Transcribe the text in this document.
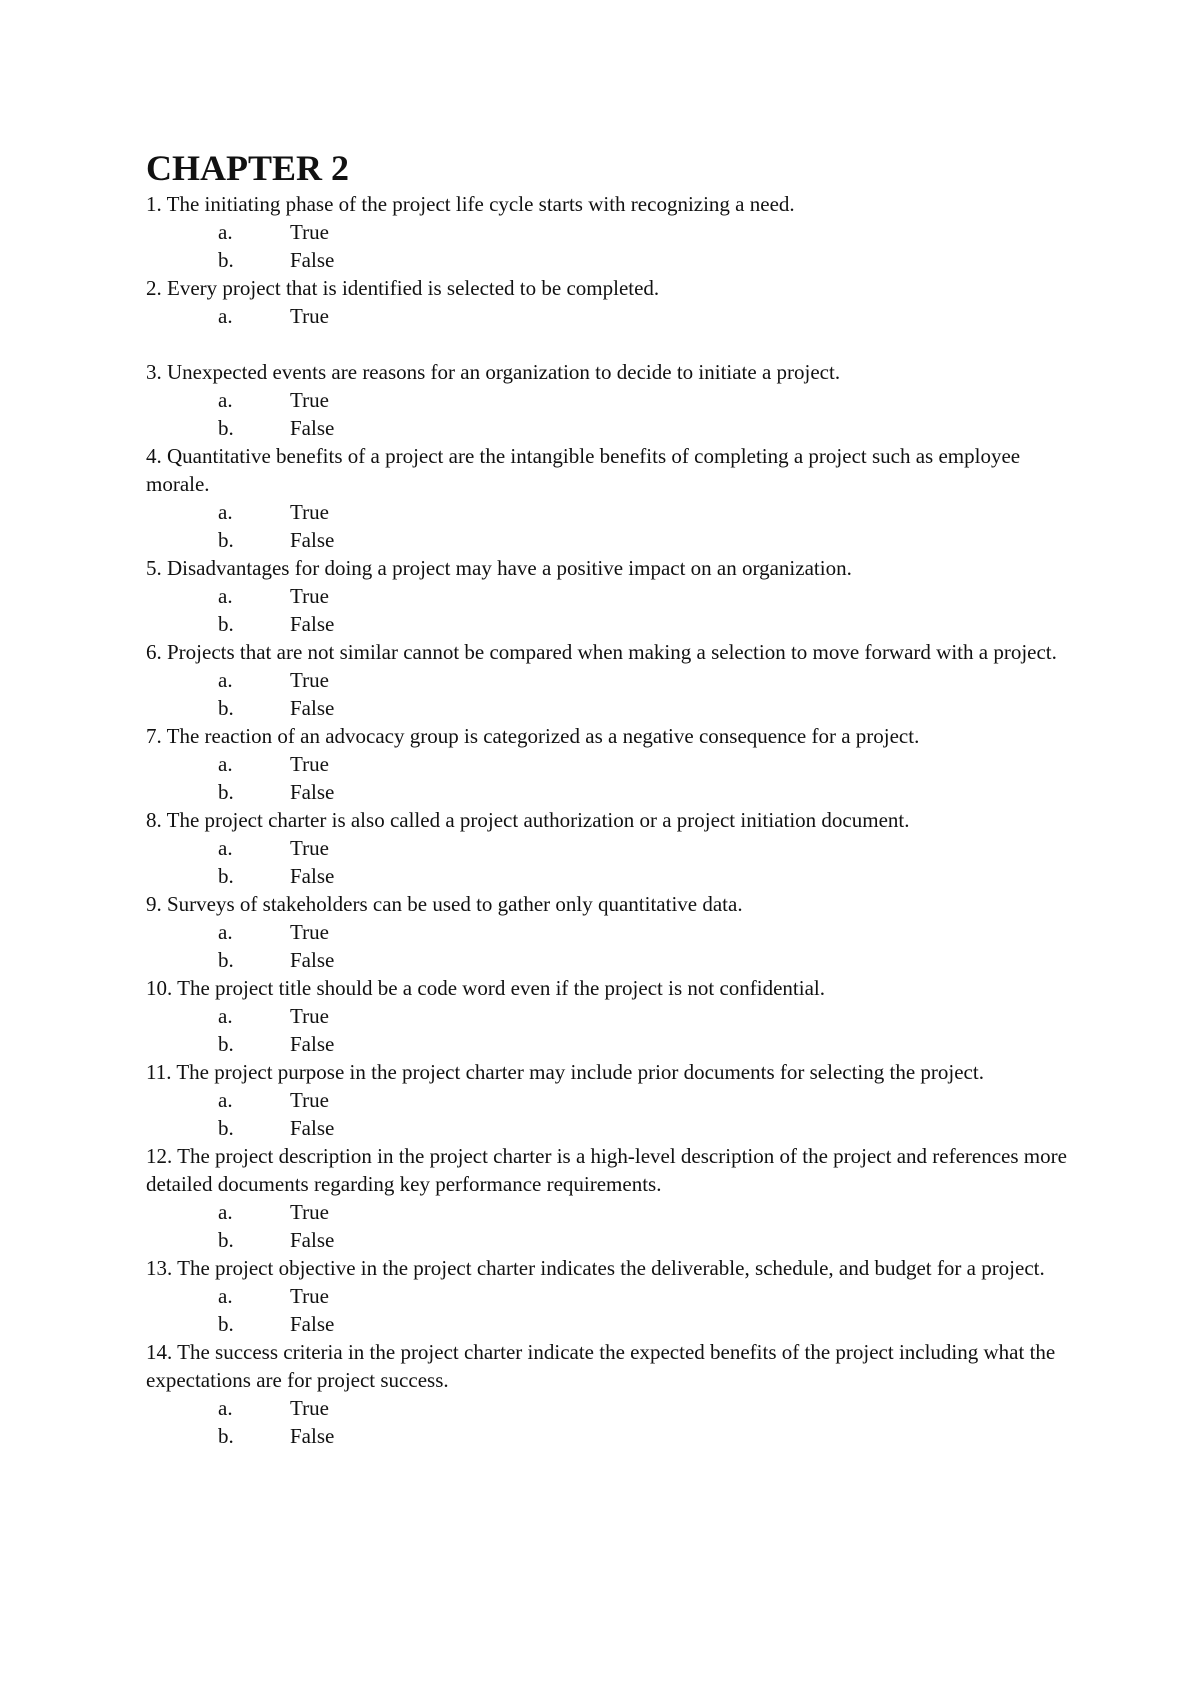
CHAPTER 2

1. The initiating phase of the project life cycle starts with recognizing a need.

a.	True
b.	False

2. Every project that is identified is selected to be completed.

a.	True

3. Unexpected events are reasons for an organization to decide to initiate a project.

a.	True
b.	False

4. Quantitative benefits of a project are the intangible benefits of completing a project such as employee morale.

a.	True
b.	False

5. Disadvantages for doing a project may have a positive impact on an organization.

a.	True
b.	False

6. Projects that are not similar cannot be compared when making a selection to move forward with a project.

a.	True
b.	False

7. The reaction of an advocacy group is categorized as a negative consequence for a project.

a.	True
b.	False

8. The project charter is also called a project authorization or a project initiation document.

a.	True
b.	False

9. Surveys of stakeholders can be used to gather only quantitative data.

a.	True
b.	False

10. The project title should be a code word even if the project is not confidential.

a.	True
b.	False

11. The project purpose in the project charter may include prior documents for selecting the project.

a.	True
b.	False

12. The project description in the project charter is a high-level description of the project and references more detailed documents regarding key performance requirements.

a.	True
b.	False

13. The project objective in the project charter indicates the deliverable, schedule, and budget for a project.

a.	True
b.	False

14. The success criteria in the project charter indicate the expected benefits of the project including what the expectations are for project success.

a.	True
b.	False
